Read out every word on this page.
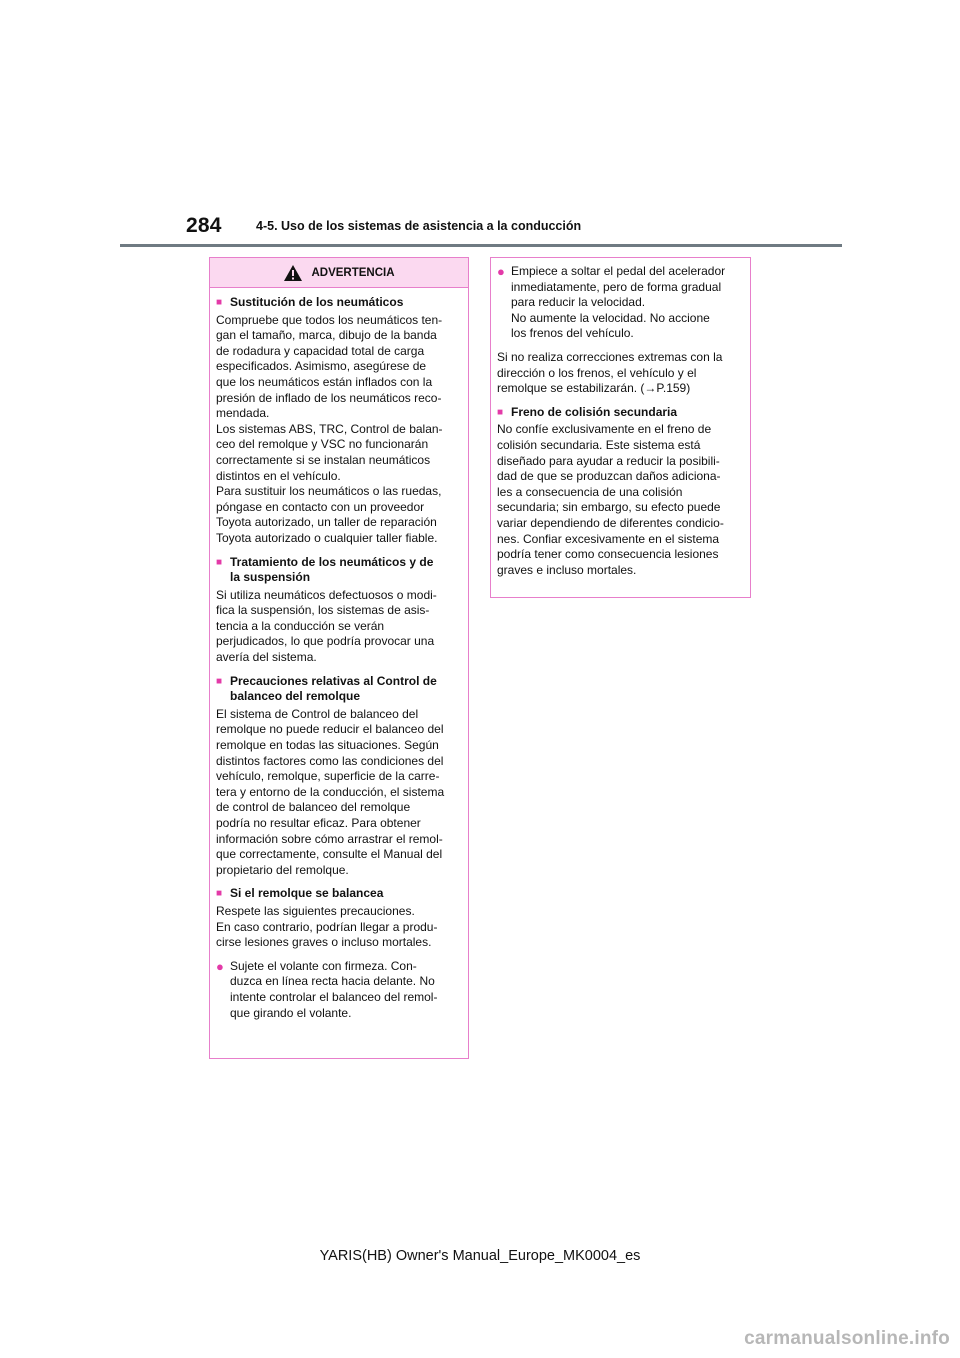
284	4-5. Uso de los sistemas de asistencia a la conducción
ADVERTENCIA
■ Sustitución de los neumáticos
Compruebe que todos los neumáticos ten-
gan el tamaño, marca, dibujo de la banda
de rodadura y capacidad total de carga
especificados. Asimismo, asegúrese de
que los neumáticos están inflados con la
presión de inflado de los neumáticos reco-
mendada.
Los sistemas ABS, TRC, Control de balan-
ceo del remolque y VSC no funcionarán
correctamente si se instalan neumáticos
distintos en el vehículo.
Para sustituir los neumáticos o las ruedas,
póngase en contacto con un proveedor
Toyota autorizado, un taller de reparación
Toyota autorizado o cualquier taller fiable.
■ Tratamiento de los neumáticos y de
la suspensión
Si utiliza neumáticos defectuosos o modi-
fica la suspensión, los sistemas de asis-
tencia a la conducción se verán
perjudicados, lo que podría provocar una
avería del sistema.
■ Precauciones relativas al Control de
balanceo del remolque
El sistema de Control de balanceo del
remolque no puede reducir el balanceo del
remolque en todas las situaciones. Según
distintos factores como las condiciones del
vehículo, remolque, superficie de la carre-
tera y entorno de la conducción, el sistema
de control de balanceo del remolque
podría no resultar eficaz. Para obtener
información sobre cómo arrastrar el remol-
que correctamente, consulte el Manual del
propietario del remolque.
■ Si el remolque se balancea
Respete las siguientes precauciones.
En caso contrario, podrían llegar a produ-
cirse lesiones graves o incluso mortales.
● Sujete el volante con firmeza. Con-
duzca en línea recta hacia delante. No
intente controlar el balanceo del remol-
que girando el volante.
● Empiece a soltar el pedal del acelerador
inmediatamente, pero de forma gradual
para reducir la velocidad.
No aumente la velocidad. No accione
los frenos del vehículo.
Si no realiza correcciones extremas con la
dirección o los frenos, el vehículo y el
remolque se estabilizarán. (→P.159)
■ Freno de colisión secundaria
No confíe exclusivamente en el freno de
colisión secundaria. Este sistema está
diseñado para ayudar a reducir la posibili-
dad de que se produzcan daños adiciona-
les a consecuencia de una colisión
secundaria; sin embargo, su efecto puede
variar dependiendo de diferentes condicio-
nes. Confiar excesivamente en el sistema
podría tener como consecuencia lesiones
graves e incluso mortales.
YARIS(HB) Owner's Manual_Europe_MK0004_es
carmanualsonline.info
